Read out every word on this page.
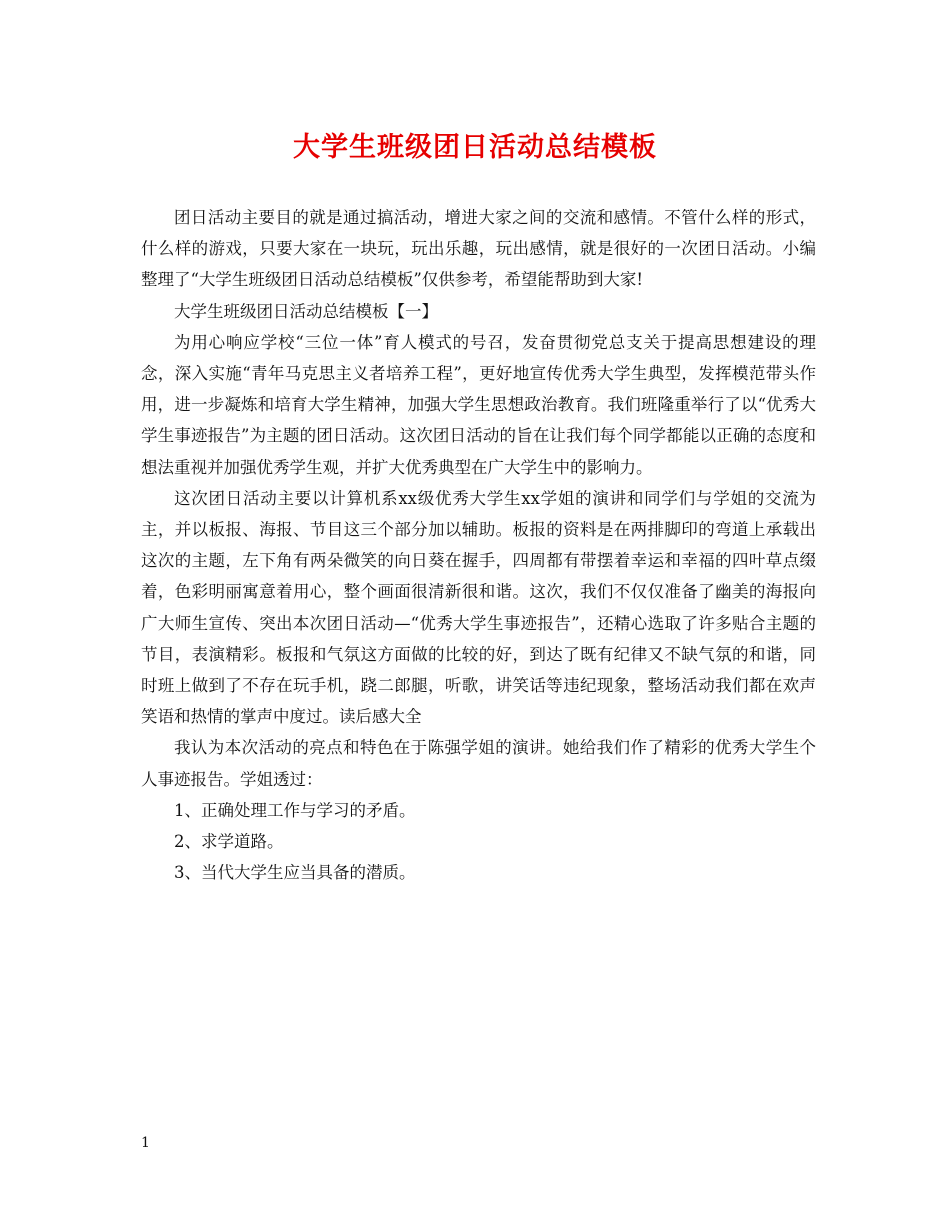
大学生班级团日活动总结模板

团日活动主要目的就是通过搞活动，增进大家之间的交流和感情。不管什么样的形式，什么样的游戏，只要大家在一块玩，玩出乐趣，玩出感情，就是很好的一次团日活动。小编整理了“大学生班级团日活动总结模板”仅供参考，希望能帮助到大家!

大学生班级团日活动总结模板【一】

为用心响应学校“三位一体”育人模式的号召，发奋贯彻党总支关于提高思想建设的理念，深入实施“青年马克思主义者培养工程”，更好地宣传优秀大学生典型，发挥模范带头作用，进一步凝炼和培育大学生精神，加强大学生思想政治教育。我们班隆重举行了以“优秀大学生事迹报告”为主题的团日活动。这次团日活动的旨在让我们每个同学都能以正确的态度和想法重视并加强优秀学生观，并扩大优秀典型在广大学生中的影响力。

这次团日活动主要以计算机系xx级优秀大学生xx学姐的演讲和同学们与学姐的交流为主，并以板报、海报、节目这三个部分加以辅助。板报的资料是在两排脚印的弯道上承载出这次的主题，左下角有两朵微笑的向日葵在握手，四周都有带摆着幸运和幸福的四叶草点缀着，色彩明丽寓意着用心，整个画面很清新很和谐。这次，我们不仅仅准备了幽美的海报向广大师生宣传、突出本次团日活动—“优秀大学生事迹报告”，还精心选取了许多贴合主题的节目，表演精彩。板报和气氛这方面做的比较的好，到达了既有纪律又不缺气氛的和谐，同时班上做到了不存在玩手机，跷二郎腿，听歌，讲笑话等违纪现象，整场活动我们都在欢声笑语和热情的掌声中度过。读后感大全

我认为本次活动的亮点和特色在于陈强学姐的演讲。她给我们作了精彩的优秀大学生个人事迹报告。学姐透过：

1、正确处理工作与学习的矛盾。

2、求学道路。

3、当代大学生应当具备的潜质。

1
